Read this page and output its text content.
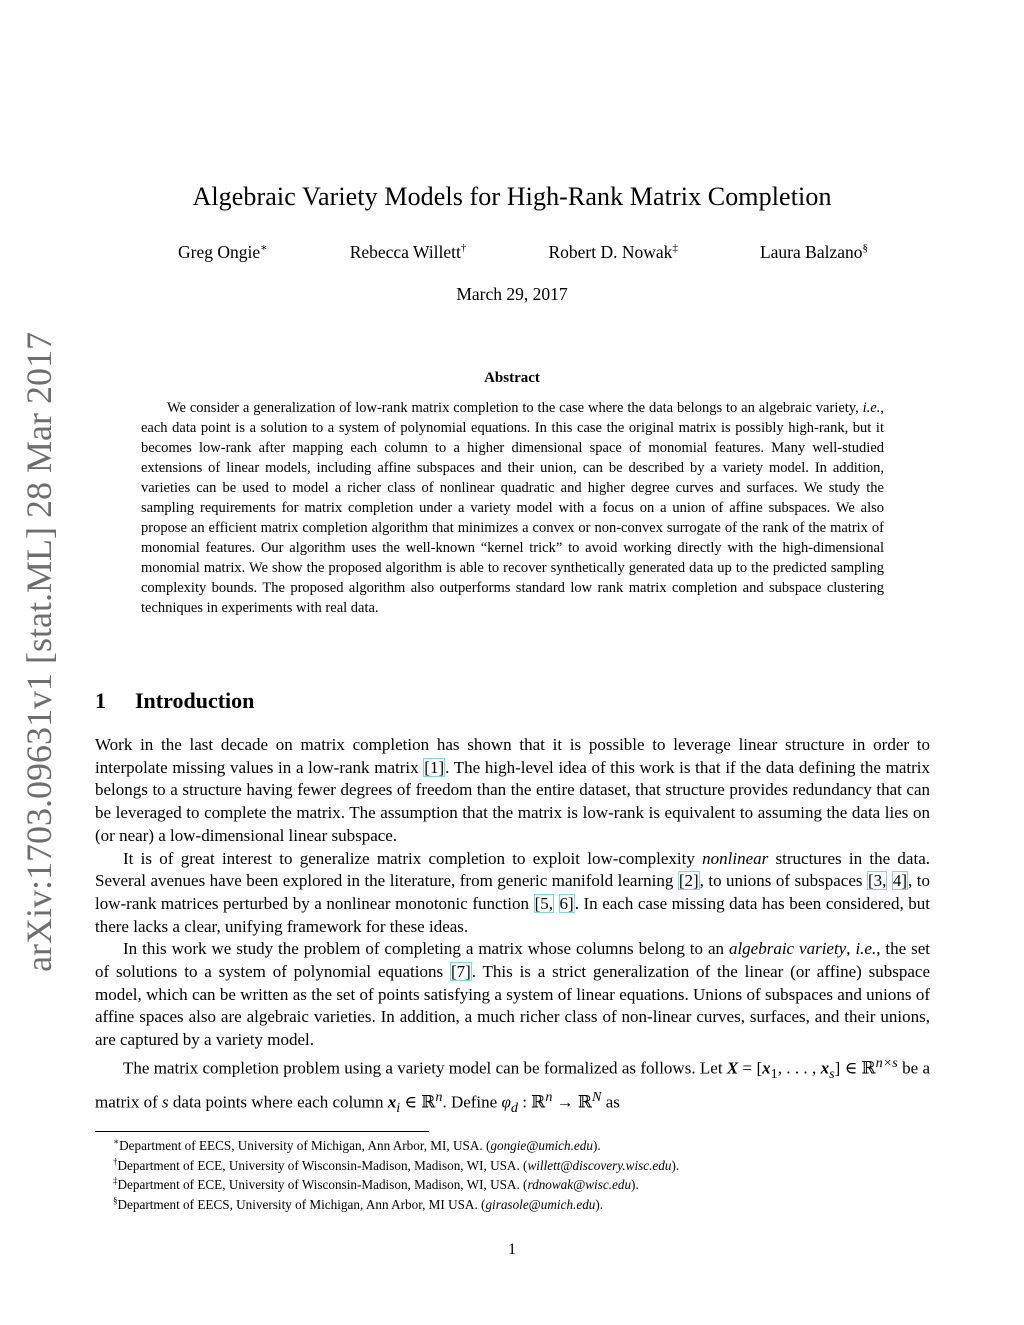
arXiv:1703.09631v1 [stat.ML] 28 Mar 2017
Algebraic Variety Models for High-Rank Matrix Completion
Greg Ongie∗	Rebecca Willett†	Robert D. Nowak‡	Laura Balzano§
March 29, 2017
Abstract
We consider a generalization of low-rank matrix completion to the case where the data belongs to an algebraic variety, i.e., each data point is a solution to a system of polynomial equations. In this case the original matrix is possibly high-rank, but it becomes low-rank after mapping each column to a higher dimensional space of monomial features. Many well-studied extensions of linear models, including affine subspaces and their union, can be described by a variety model. In addition, varieties can be used to model a richer class of nonlinear quadratic and higher degree curves and surfaces. We study the sampling requirements for matrix completion under a variety model with a focus on a union of affine subspaces. We also propose an efficient matrix completion algorithm that minimizes a convex or non-convex surrogate of the rank of the matrix of monomial features. Our algorithm uses the well-known “kernel trick” to avoid working directly with the high-dimensional monomial matrix. We show the proposed algorithm is able to recover synthetically generated data up to the predicted sampling complexity bounds. The proposed algorithm also outperforms standard low rank matrix completion and subspace clustering techniques in experiments with real data.
1 Introduction

Work in the last decade on matrix completion has shown that it is possible to leverage linear structure in order to interpolate missing values in a low-rank matrix [1]. The high-level idea of this work is that if the data defining the matrix belongs to a structure having fewer degrees of freedom than the entire dataset, that structure provides redundancy that can be leveraged to complete the matrix. The assumption that the matrix is low-rank is equivalent to assuming the data lies on (or near) a low-dimensional linear subspace.

It is of great interest to generalize matrix completion to exploit low-complexity nonlinear structures in the data. Several avenues have been explored in the literature, from generic manifold learning [2], to unions of subspaces [3, 4], to low-rank matrices perturbed by a nonlinear monotonic function [5, 6]. In each case missing data has been considered, but there lacks a clear, unifying framework for these ideas.

In this work we study the problem of completing a matrix whose columns belong to an algebraic variety, i.e., the set of solutions to a system of polynomial equations [7]. This is a strict generalization of the linear (or affine) subspace model, which can be written as the set of points satisfying a system of linear equations. Unions of subspaces and unions of affine spaces also are algebraic varieties. In addition, a much richer class of non-linear curves, surfaces, and their unions, are captured by a variety model.

The matrix completion problem using a variety model can be formalized as follows. Let $X = [x_1$, . . . , $x_s$] ∈ ℝ$^{n\times s}$ be a matrix of s data points where each column $x_i$ ∈ ℝ$^n$. Define $\varphi_d$ : ℝ$^n$ → ℝ$^N$ as

∗Department of EECS, University of Michigan, Ann Arbor, MI, USA. (gongie@umich.edu).
†Department of ECE, University of Wisconsin-Madison, Madison, WI, USA. (willett@discovery.wisc.edu).
‡Department of ECE, University of Wisconsin-Madison, Madison, WI, USA. (rdnowak@wisc.edu).
§Department of EECS, University of Michigan, Ann Arbor, MI USA. (girasole@umich.edu).
1
